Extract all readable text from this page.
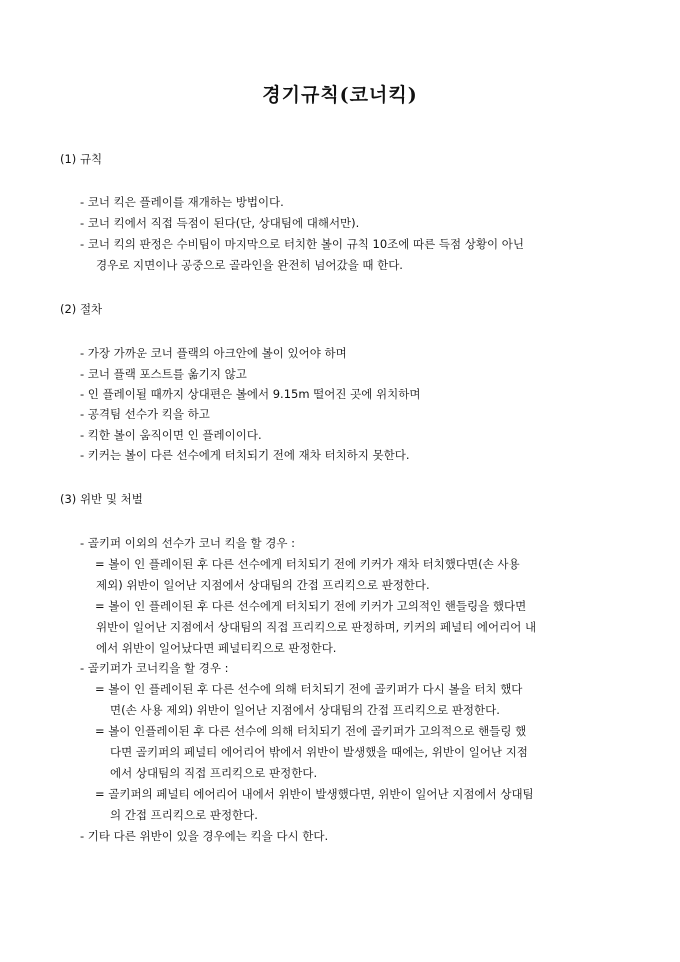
경기규칙(코너킥)
(1) 규칙
- 코너 킥은 플레이를 재개하는 방법이다.
- 코너 킥에서 직접 득점이 된다(단, 상대팀에 대해서만).
- 코너 킥의 판정은 수비팀이 마지막으로 터치한 볼이 규칙 10조에 따른 득점 상황이 아닌
경우로 지면이나 공중으로 골라인을 완전히 넘어갔을 때 한다.
(2) 절차
- 가장 가까운 코너 플랙의 아크안에 볼이 있어야 하며
- 코너 플랙 포스트를 옮기지 않고
- 인 플레이될 때까지 상대편은 볼에서 9.15m 떨어진 곳에 위치하며
- 공격팀 선수가 킥을 하고
- 킥한 볼이 움직이면 인 플레이이다.
- 키커는 볼이 다른 선수에게 터치되기 전에 재차 터치하지 못한다.
(3) 위반 및 처벌
- 골키퍼 이외의 선수가 코너 킥을 할 경우 :
= 볼이 인 플레이된 후 다른 선수에게 터치되기 전에 키커가 재차 터치했다면(손 사용
제외) 위반이 일어난 지점에서 상대팀의 간접 프리킥으로 판정한다.
= 볼이 인 플레이된 후 다른 선수에게 터치되기 전에 키커가 고의적인 핸들링을 했다면
위반이 일어난 지점에서 상대팀의 직접 프리킥으로 판정하며, 키커의 페널티 에어리어 내
에서 위반이 일어났다면 페널티킥으로 판정한다.
- 골키퍼가 코너킥을 할 경우 :
= 볼이 인 플레이된 후 다른 선수에 의해 터치되기 전에 골키퍼가 다시 볼을 터치 했다
면(손 사용 제외) 위반이 일어난 지점에서 상대팀의 간접 프리킥으로 판정한다.
= 볼이 인플레이된 후 다른 선수에 의해 터치되기 전에 골키퍼가 고의적으로 핸들링 했
다면 골키퍼의 페널티 에어리어 밖에서 위반이 발생했을 때에는, 위반이 일어난 지점
에서 상대팀의 직접 프리킥으로 판정한다.
= 골키퍼의 페널티 에어리어 내에서 위반이 발생했다면, 위반이 일어난 지점에서 상대팀
의 간접 프리킥으로 판정한다.
- 기타 다른 위반이 있을 경우에는 킥을 다시 한다.
